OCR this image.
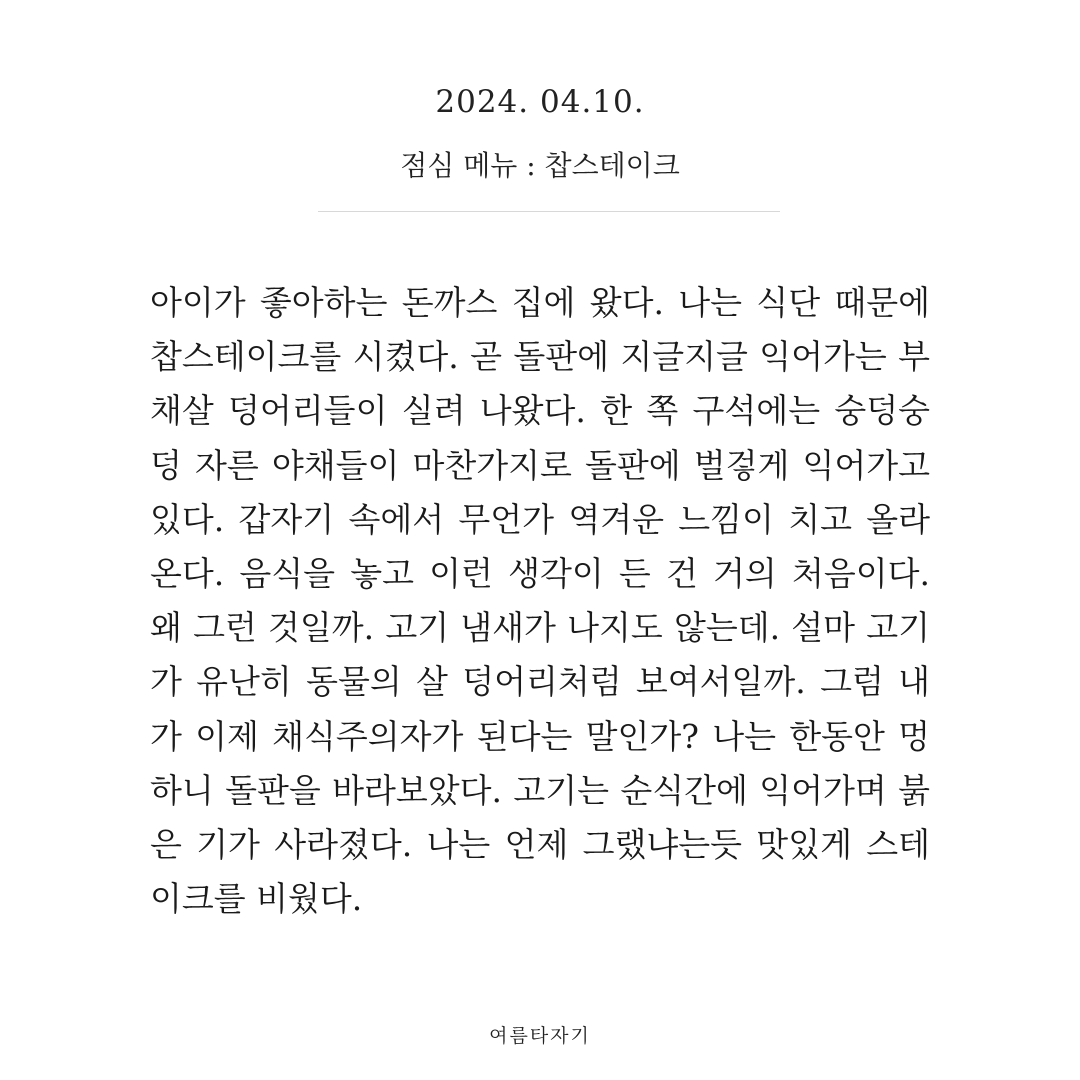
2024. 04.10.
점심 메뉴 : 찹스테이크
아이가 좋아하는 돈까스 집에 왔다. 나는 식단 때문에 찹스테이크를 시켰다. 곧 돌판에 지글지글 익어가는 부채살 덩어리들이 실려 나왔다. 한 쪽 구석에는 숭덩숭덩 자른 야채들이 마찬가지로 돌판에 벌겋게 익어가고 있다. 갑자기 속에서 무언가 역겨운 느낌이 치고 올라온다. 음식을 놓고 이런 생각이 든 건 거의 처음이다. 왜 그런 것일까. 고기 냄새가 나지도 않는데. 설마 고기가 유난히 동물의 살 덩어리처럼 보여서일까. 그럼 내가 이제 채식주의자가 된다는 말인가? 나는 한동안 멍하니 돌판을 바라보았다. 고기는 순식간에 익어가며 붉은 기가 사라졌다. 나는 언제 그랬냐는듯 맛있게 스테이크를 비웠다.
여름타자기
